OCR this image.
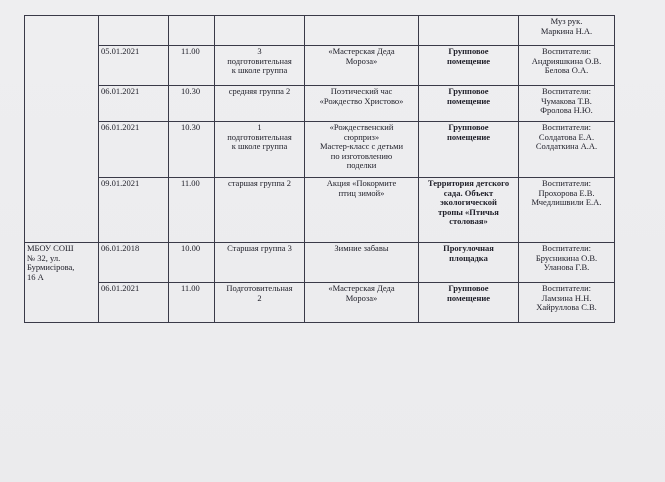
						Муз рук.
Маркина Н.А.

	05.01.2021	11.00	3
подготовительная
к школе группа	«Мастерская Деда
Мороза»	Групповое
помещение	Воспитатели:
Андрияшкина О.В.
Белова О.А.

	06.01.2021	10.30	средняя группа 2	Поэтический час
«Рождество Христово»	Групповое
помещение	Воспитатели:
Чумакова Т.В.
Фролова Н.Ю.

	06.01.2021	10.30	1
подготовительная
к школе группа	«Рождественский
сюрприз»
Мастер-класс с детьми
по изготовлению
поделки	Групповое
помещение	Воспитатели:
Солдатова Е.А.
Солдаткина А.А.

	09.01.2021	11.00	старшая группа 2	Акция «Покормите
птиц зимой»	Территория детского
сада. Объект
экологической
тропы «Птичья
столовая»	Воспитатели:
Прохорова Е.В.
Мчедлишвили Е.А.

МБОУ СОШ
№ 32, ул.
Бурмисірова,
16 А	06.01.2018	10.00	Старшая группа 3	Зимние забавы	Прогулочная
площадка	Воспитатели:
Брусникина О.В.
Уланова Г.В.

	06.01.2021	11.00	Подготовительная
2	«Мастерская Деда
Мороза»	Групповое
помещение	Воспитатели:
Ламзина Н.Н.
Хайруллова С.В.
